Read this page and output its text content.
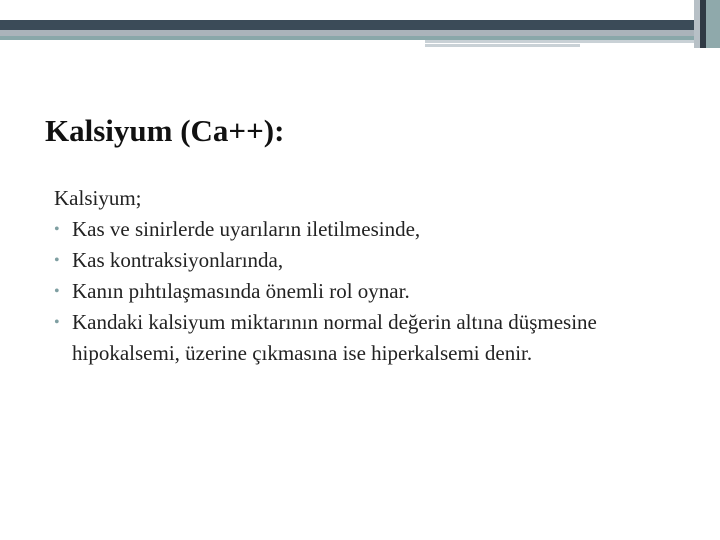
Kalsiyum (Ca++):
Kalsiyum;
• Kas ve sinirlerde uyarıların iletilmesinde,
• Kas kontraksiyonlarında,
• Kanın pıhtılaşmasında önemli rol oynar.
• Kandaki kalsiyum miktarının normal değerin altına düşmesine hipokalsemi, üzerine çıkmasına ise hiperkalsemi denir.
